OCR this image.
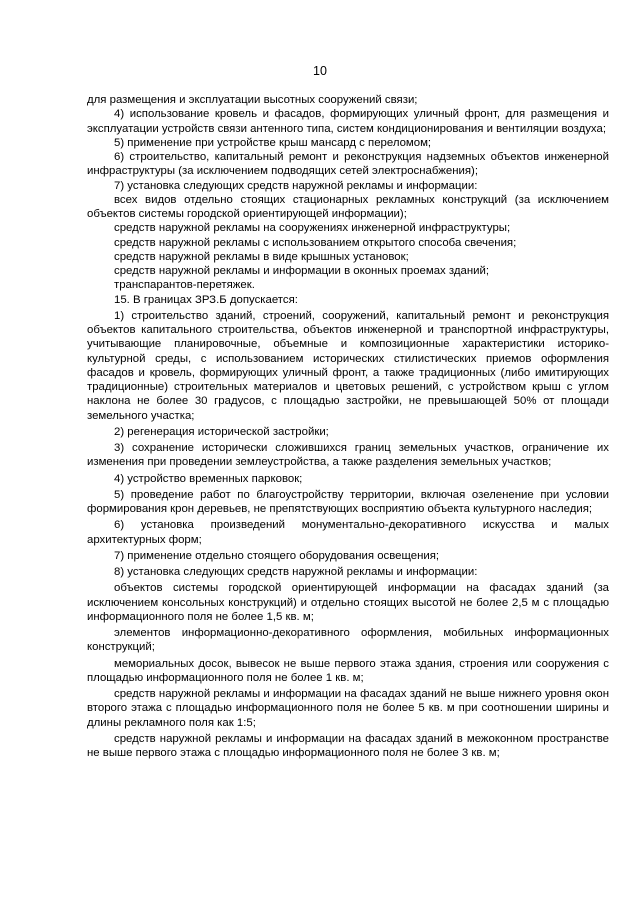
10

для размещения и эксплуатации высотных сооружений связи;

4) использование кровель и фасадов, формирующих уличный фронт, для размещения и эксплуатации устройств связи антенного типа, систем кондиционирования и вентиляции воздуха;

5) применение при устройстве крыш мансард с переломом;

6) строительство, капитальный ремонт и реконструкция надземных объектов инженерной инфраструктуры (за исключением подводящих сетей электроснабжения);

7) установка следующих средств наружной рекламы и информации:

всех видов отдельно стоящих стационарных рекламных конструкций (за исключением объектов системы городской ориентирующей информации);

средств наружной рекламы на сооружениях инженерной инфраструктуры;

средств наружной рекламы с использованием открытого способа свечения;

средств наружной рекламы в виде крышных установок;

средств наружной рекламы и информации в оконных проемах зданий;

транспарантов-перетяжек.

15. В границах ЗРЗ.Б допускается:

1) строительство зданий, строений, сооружений, капитальный ремонт и реконструкция объектов капитального строительства, объектов инженерной и транспортной инфраструктуры, учитывающие планировочные, объемные и композиционные характеристики историко-культурной среды, с использованием исторических стилистических приемов оформления фасадов и кровель, формирующих уличный фронт, а также традиционных (либо имитирующих традиционные) строительных материалов и цветовых решений, с устройством крыш с углом наклона не более 30 градусов, с площадью застройки, не превышающей 50% от площади земельного участка;

2) регенерация исторической застройки;

3) сохранение исторически сложившихся границ земельных участков, ограничение их изменения при проведении землеустройства, а также разделения земельных участков;

4) устройство временных парковок;

5) проведение работ по благоустройству территории, включая озеленение при условии формирования крон деревьев, не препятствующих восприятию объекта культурного наследия;

6) установка произведений монументально-декоративного искусства и малых архитектурных форм;

7) применение отдельно стоящего оборудования освещения;

8) установка следующих средств наружной рекламы и информации:

объектов системы городской ориентирующей информации на фасадах зданий (за исключением консольных конструкций) и отдельно стоящих высотой не более 2,5 м с площадью информационного поля не более 1,5 кв. м;

элементов информационно-декоративного оформления, мобильных информационных конструкций;

мемориальных досок, вывесок не выше первого этажа здания, строения или сооружения с площадью информационного поля не более 1 кв. м;

средств наружной рекламы и информации на фасадах зданий не выше нижнего уровня окон второго этажа с площадью информационного поля не более 5 кв. м при соотношении ширины и длины рекламного поля как 1:5;

средств наружной рекламы и информации на фасадах зданий в межоконном пространстве не выше первого этажа с площадью информационного поля не более 3 кв. м;
